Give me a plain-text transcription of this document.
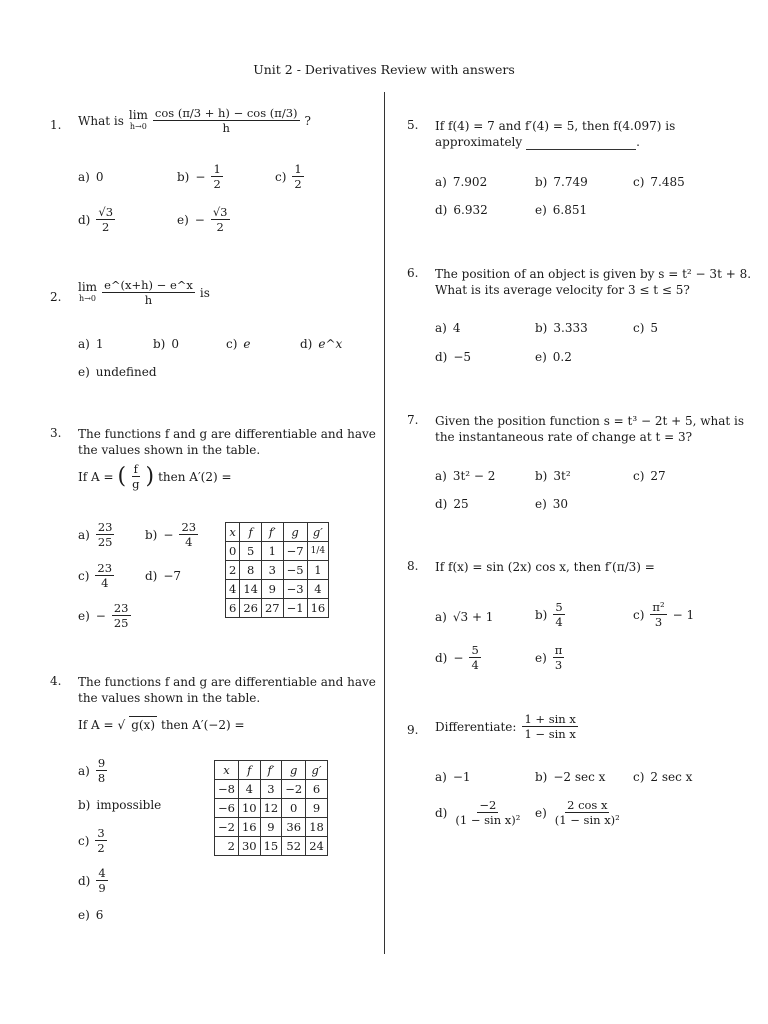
Unit 2 - Derivatives Review with answers
1. What is lim
$h\to 0 \frac{\cos (\pi/3 + h) - \cos (\pi/3)}{h}$ ?
a) 0	$b) - \frac{1}{2}$	$c) \frac{1}{2}$
$d) \frac{√3}{2}$	$e) - \frac{√3}{2}$
2.
lim
$h\to 0 \frac{e\^{}(x+h) - e\^{}x}{h}$ is
a) 1	b) 0	c) e	d) e^x
e) undefined
3. The functions f and g are differentiable and have
the values shown in the table.
If A = ( $\frac{f}{g}$ ) then A′(2) =
$a) \frac{23}{25}$	$b) - \frac{23}{4}$
$c) \frac{23}{4}$	d) −7
$e) - \frac{23}{25}$
x	f	f′	g	g′
0	5	1	−7	1/4
2	8	3	−5	1
4	14	9	−3	4
6	26	27	−1	16
4. The functions f and g are differentiable and have
the values shown in the table.
If A = √ g(x) then A′(−2) =
$a) \frac{9}{8}$
b) impossible
$c) \frac{3}{2}$
$d) \frac{4}{9}$
e) 6
x	f	f′	g	g′
−8	4	3	−2	6
−6	10	12	0	9
−2	16	9	36	18
2	30	15	52	24
5. If f(4) = 7 and f′(4) = 5, then f(4.097) is
approximately	.
a) 7.902	b) 7.749	c) 7.485
d) 6.932	e) 6.851
6. The position of an object is given by s = t² − 3t + 8.
What is its average velocity for 3 ≤ t ≤ 5?
a) 4	b) 3.333	c) 5
d) −5	e) 0.2
7. Given the position function s = t³ − 2t + 5, what is
the instantaneous rate of change at t = 3?
a) 3t² − 2	b) 3t²	c) 27
d) 25	e) 30
8. If f(x) = sin (2x) cos x, then f′(π/3) =
a) √3 + 1	$b) \frac{5}{4}$	$c) \frac{\text{π²}}{3} - 1$
$d) - \frac{5}{4}$	$e) \frac{\pi}{3}$
9. Differentiate: $\frac{\text{1 + sin x}}{\text{1 − sin x}}$
a) −1	b) −2 sec x c) 2 sec x
$d) \frac{-2}{\text{(1 − sin x)²}} e) \frac{\text{2 cos x}}{\text{(1 − sin x)²}}$
